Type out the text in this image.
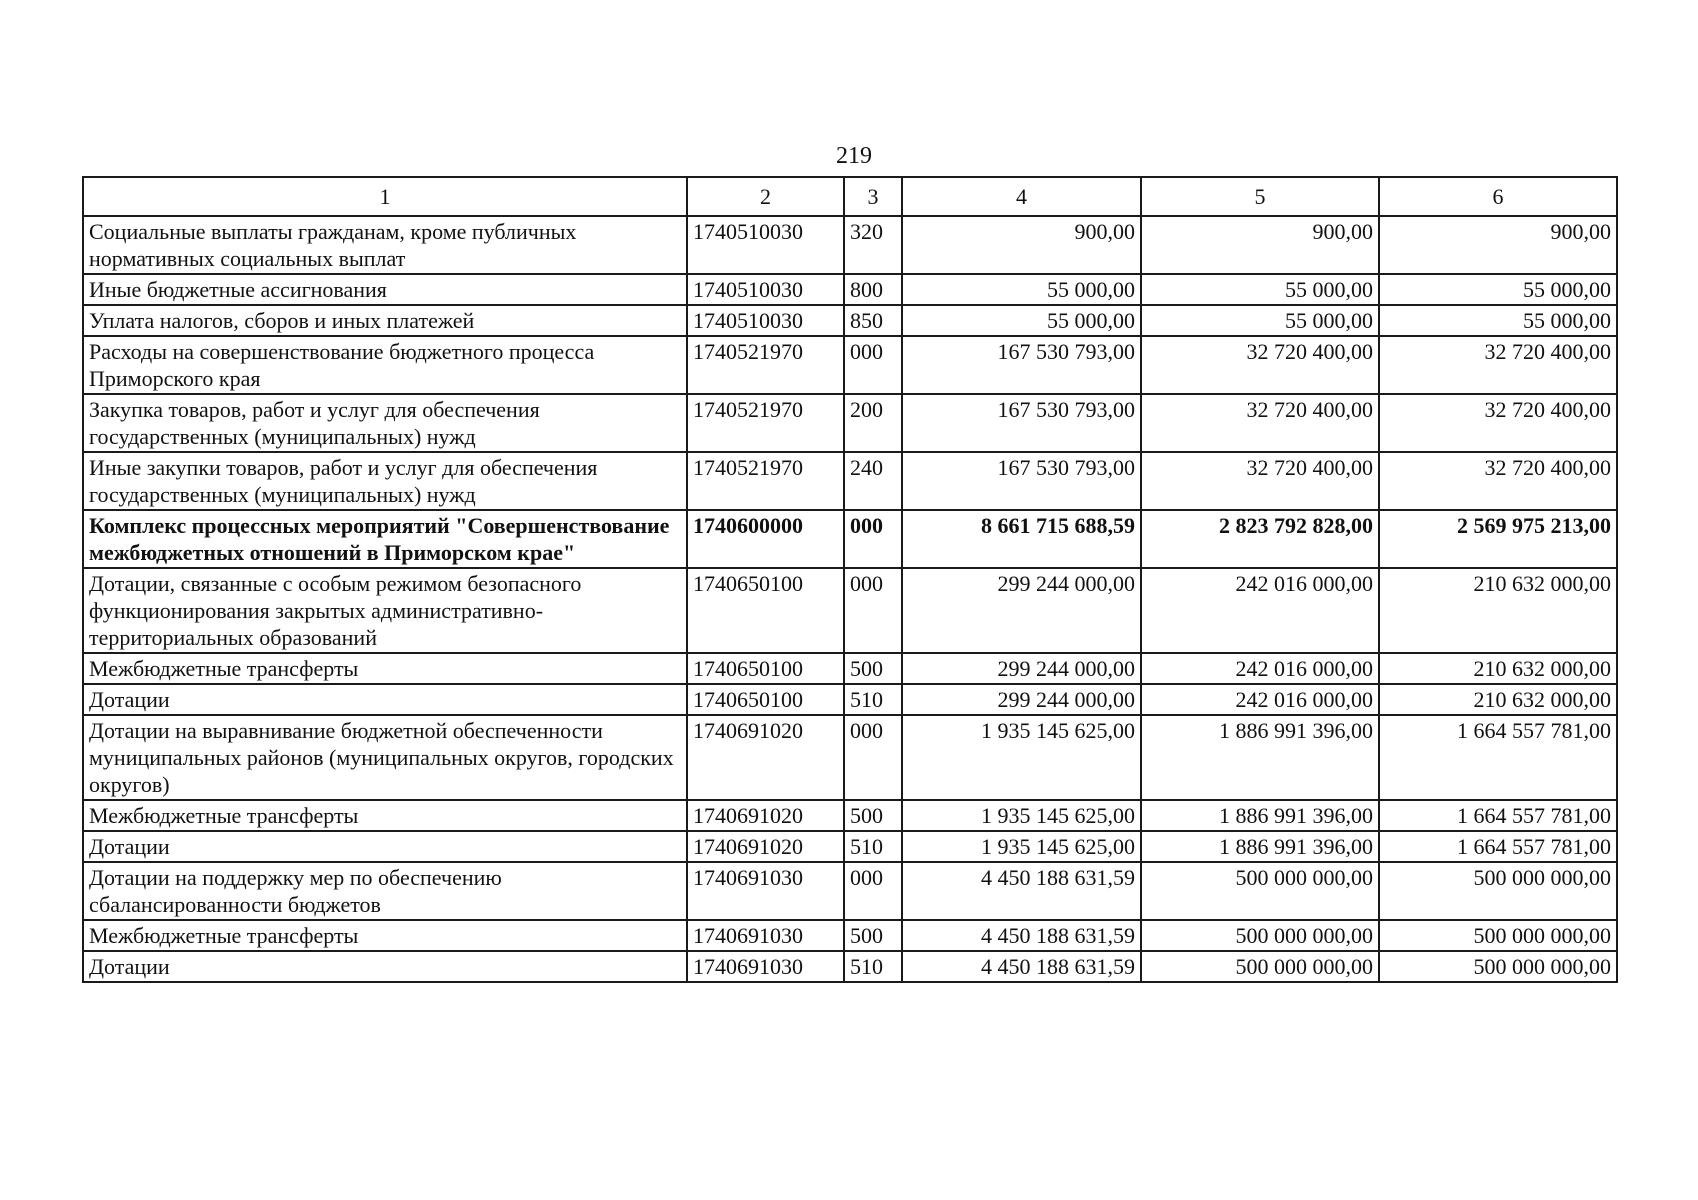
219
1	2	3	4	5	6
Социальные выплаты гражданам, кроме публичных нормативных социальных выплат	1740510030	320	900,00	900,00	900,00
Иные бюджетные ассигнования	1740510030	800	55 000,00	55 000,00	55 000,00
Уплата налогов, сборов и иных платежей	1740510030	850	55 000,00	55 000,00	55 000,00
Расходы на совершенствование бюджетного процесса Приморского края	1740521970	000	167 530 793,00	32 720 400,00	32 720 400,00
Закупка товаров, работ и услуг для обеспечения государственных (муниципальных) нужд	1740521970	200	167 530 793,00	32 720 400,00	32 720 400,00
Иные закупки товаров, работ и услуг для обеспечения государственных (муниципальных) нужд	1740521970	240	167 530 793,00	32 720 400,00	32 720 400,00
Комплекс процессных мероприятий "Совершенствование межбюджетных отношений в Приморском крае"	1740600000	000	8 661 715 688,59	2 823 792 828,00	2 569 975 213,00
Дотации, связанные с особым режимом безопасного функционирования закрытых административно-территориальных образований	1740650100	000	299 244 000,00	242 016 000,00	210 632 000,00
Межбюджетные трансферты	1740650100	500	299 244 000,00	242 016 000,00	210 632 000,00
Дотации	1740650100	510	299 244 000,00	242 016 000,00	210 632 000,00
Дотации на выравнивание бюджетной обеспеченности муниципальных районов (муниципальных округов, городских округов)	1740691020	000	1 935 145 625,00	1 886 991 396,00	1 664 557 781,00
Межбюджетные трансферты	1740691020	500	1 935 145 625,00	1 886 991 396,00	1 664 557 781,00
Дотации	1740691020	510	1 935 145 625,00	1 886 991 396,00	1 664 557 781,00
Дотации на поддержку мер по обеспечению сбалансированности бюджетов	1740691030	000	4 450 188 631,59	500 000 000,00	500 000 000,00
Межбюджетные трансферты	1740691030	500	4 450 188 631,59	500 000 000,00	500 000 000,00
Дотации	1740691030	510	4 450 188 631,59	500 000 000,00	500 000 000,00
